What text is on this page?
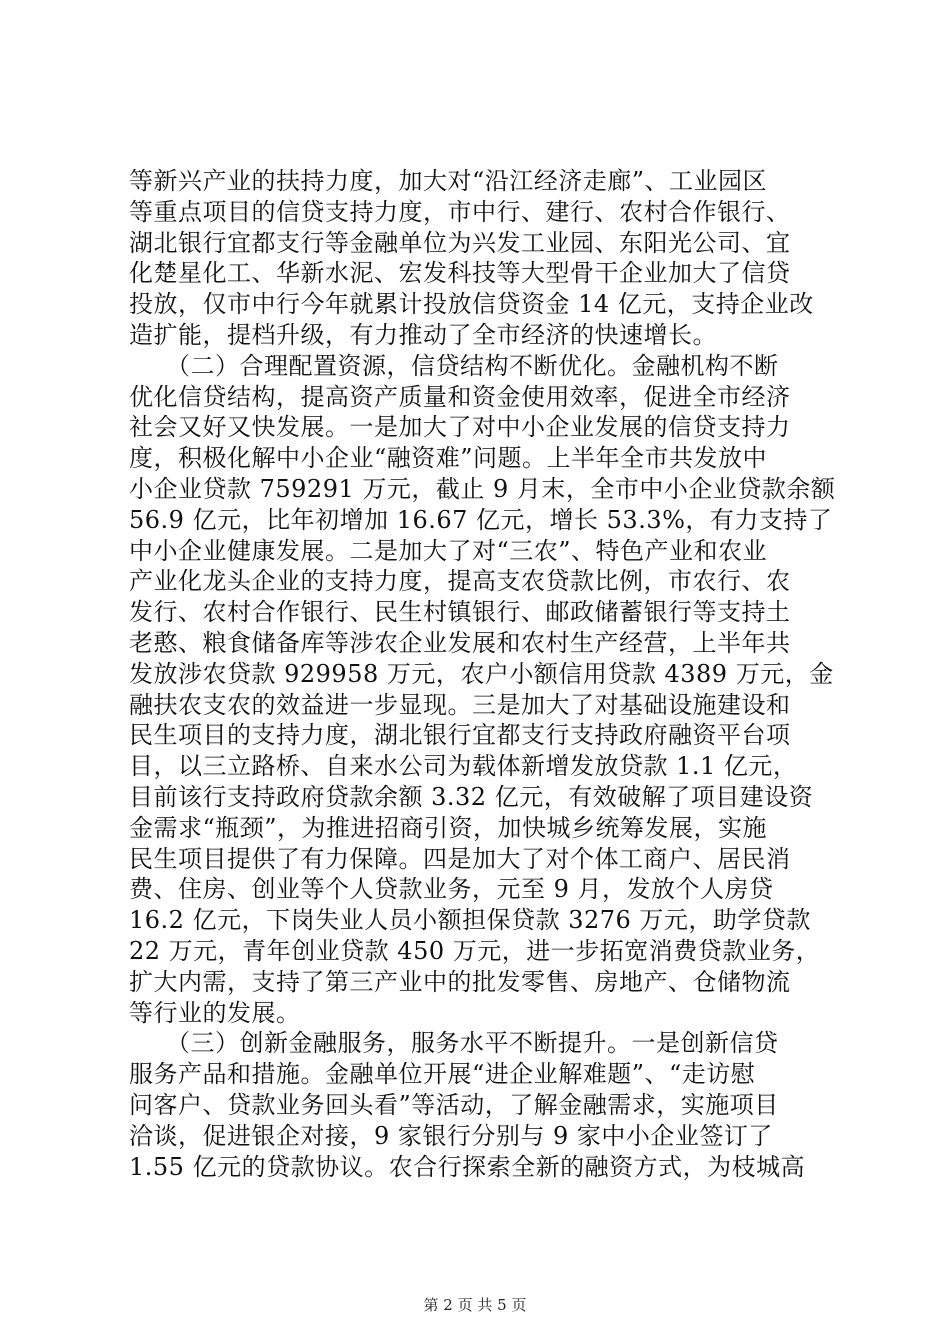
等新兴产业的扶持力度，加大对“沿江经济走廊”、工业园区
等重点项目的信贷支持力度，市中行、建行、农村合作银行、
湖北银行宜都支行等金融单位为兴发工业园、东阳光公司、宜
化楚星化工、华新水泥、宏发科技等大型骨干企业加大了信贷
投放，仅市中行今年就累计投放信贷资金 14 亿元，支持企业改
造扩能，提档升级，有力推动了全市经济的快速增长。
　　（二）合理配置资源，信贷结构不断优化。金融机构不断
优化信贷结构，提高资产质量和资金使用效率，促进全市经济
社会又好又快发展。一是加大了对中小企业发展的信贷支持力
度，积极化解中小企业“融资难”问题。上半年全市共发放中
小企业贷款 759291 万元，截止 9 月末，全市中小企业贷款余额
56.9 亿元，比年初增加 16.67 亿元，增长 53.3%，有力支持了
中小企业健康发展。二是加大了对“三农”、特色产业和农业
产业化龙头企业的支持力度，提高支农贷款比例，市农行、农
发行、农村合作银行、民生村镇银行、邮政储蓄银行等支持土
老憨、粮食储备库等涉农企业发展和农村生产经营，上半年共
发放涉农贷款 929958 万元，农户小额信用贷款 4389 万元，金
融扶农支农的效益进一步显现。三是加大了对基础设施建设和
民生项目的支持力度，湖北银行宜都支行支持政府融资平台项
目，以三立路桥、自来水公司为载体新增发放贷款 1.1 亿元，
目前该行支持政府贷款余额 3.32 亿元，有效破解了项目建设资
金需求“瓶颈”，为推进招商引资，加快城乡统筹发展，实施
民生项目提供了有力保障。四是加大了对个体工商户、居民消
费、住房、创业等个人贷款业务，元至 9 月，发放个人房贷
16.2 亿元，下岗失业人员小额担保贷款 3276 万元，助学贷款
22 万元，青年创业贷款 450 万元，进一步拓宽消费贷款业务，
扩大内需，支持了第三产业中的批发零售、房地产、仓储物流
等行业的发展。
　　（三）创新金融服务，服务水平不断提升。一是创新信贷
服务产品和措施。金融单位开展“进企业解难题”、“走访慰
问客户、贷款业务回头看”等活动，了解金融需求，实施项目
洽谈，促进银企对接，9 家银行分别与 9 家中小企业签订了
1.55 亿元的贷款协议。农合行探索全新的融资方式，为枝城高
第 2 页 共 5 页
